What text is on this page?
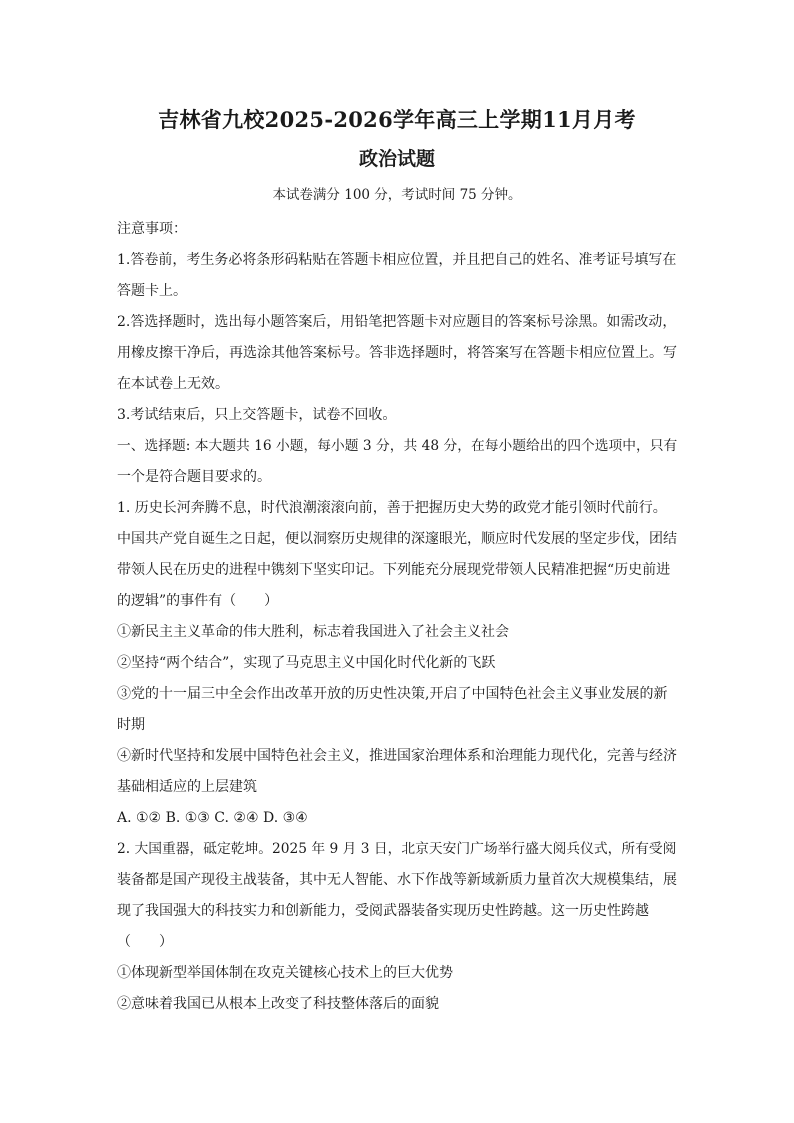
吉林省九校2025-2026学年高三上学期11月月考
政治试题
本试卷满分 100 分，考试时间 75 分钟。

注意事项：

1.答卷前，考生务必将条形码粘贴在答题卡相应位置，并且把自己的姓名、准考证号填写在

答题卡上。

2.答选择题时，选出每小题答案后，用铅笔把答题卡对应题目的答案标号涂黑。如需改动，

用橡皮擦干净后，再选涂其他答案标号。答非选择题时，将答案写在答题卡相应位置上。写

在本试卷上无效。

3.考试结束后，只上交答题卡，试卷不回收。

一、选择题: 本大题共 16 小题，每小题 3 分，共 48 分，在每小题给出的四个选项中，只有

一个是符合题目要求的。

1. 历史长河奔腾不息，时代浪潮滚滚向前，善于把握历史大势的政党才能引领时代前行。

中国共产党自诞生之日起，便以洞察历史规律的深邃眼光，顺应时代发展的坚定步伐，团结

带领人民在历史的进程中镌刻下坚实印记。下列能充分展现党带领人民精准把握“历史前进

的逻辑”的事件有（　　）

①新民主主义革命的伟大胜利，标志着我国进入了社会主义社会

②坚持“两个结合”，实现了马克思主义中国化时代化新的飞跃

③党的十一届三中全会作出改革开放的历史性决策,开启了中国特色社会主义事业发展的新

时期

④新时代坚持和发展中国特色社会主义，推进国家治理体系和治理能力现代化，完善与经济

基础相适应的上层建筑

A. ①② B. ①③ C. ②④ D. ③④

2. 大国重器，砥定乾坤。2025 年 9 月 3 日，北京天安门广场举行盛大阅兵仪式，所有受阅

装备都是国产现役主战装备，其中无人智能、水下作战等新域新质力量首次大规模集结，展

现了我国强大的科技实力和创新能力，受阅武器装备实现历史性跨越。这一历史性跨越

（　　）

①体现新型举国体制在攻克关键核心技术上的巨大优势

②意味着我国已从根本上改变了科技整体落后的面貌
